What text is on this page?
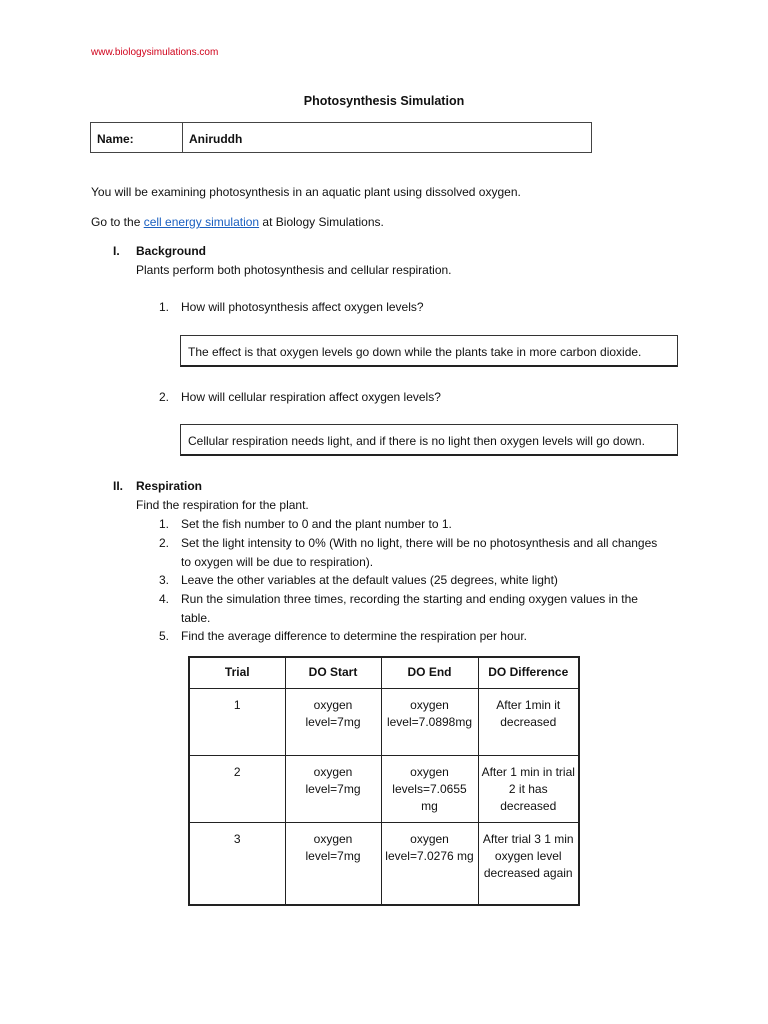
www.biologysimulations.com
Photosynthesis Simulation
Name:	Aniruddh
You will be examining photosynthesis in an aquatic plant using dissolved oxygen.
Go to the cell energy simulation at Biology Simulations.
I. Background
Plants perform both photosynthesis and cellular respiration.
1. How will photosynthesis affect oxygen levels?
The effect is that oxygen levels go down while the plants take in more carbon dioxide.
2. How will cellular respiration affect oxygen levels?
Cellular respiration needs light, and if there is no light then oxygen levels will go down.
II. Respiration
Find the respiration for the plant.
1. Set the fish number to 0 and the plant number to 1.
2. Set the light intensity to 0% (With no light, there will be no photosynthesis and all changes to oxygen will be due to respiration).
3. Leave the other variables at the default values (25 degrees, white light)
4. Run the simulation three times, recording the starting and ending oxygen values in the table.
5. Find the average difference to determine the respiration per hour.
Trial	DO Start	DO End	DO Difference
1	oxygen level=7mg	oxygen level=7.0898mg	After 1min it decreased
2	oxygen level=7mg	oxygen levels=7.0655 mg	After 1 min in trial 2 it has decreased
3	oxygen level=7mg	oxygen level=7.0276 mg	After trial 3 1 min oxygen level decreased again
